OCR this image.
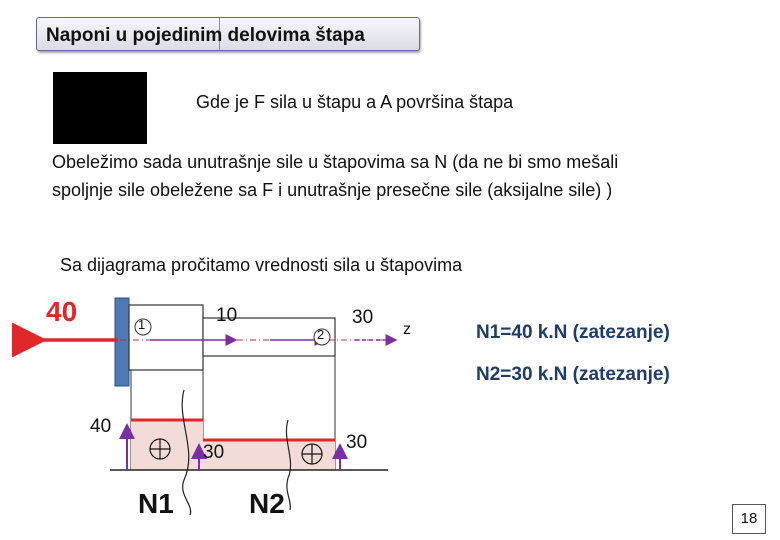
Naponi u pojedinim delovima štapa
Gde je F sila u štapu a A površina štapa
Obeležimo sada unutrašnje sile u štapovima sa N (da ne bi smo mešali
spoljnje sile obeležene sa F i unutrašnje presečne sile (aksijalne sile) )
Sa dijagrama pročitamo vrednosti sila u štapovima
40	1
2
10	30
z
40
30	30
N1	N2
N1=40 k.N (zatezanje)
N2=30 k.N (zatezanje)
18
